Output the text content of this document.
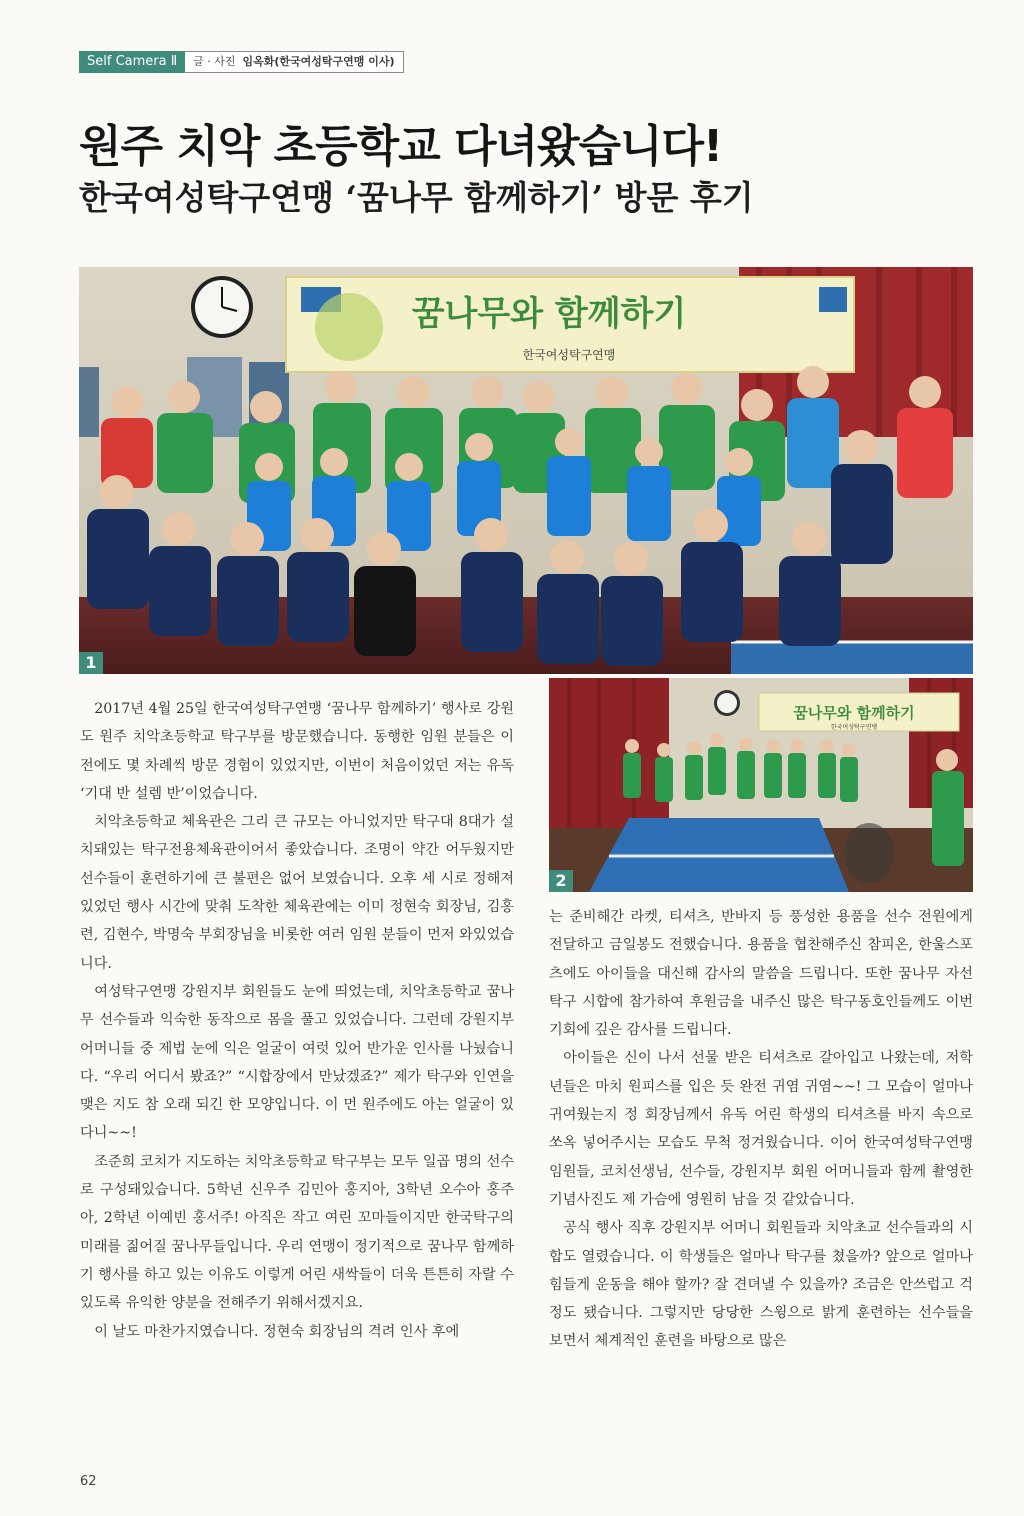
Self Camera Ⅱ	글 · 사진 임옥화(한국여성탁구연맹 이사)
원주 치악 초등학교 다녀왔습니다!
한국여성탁구연맹 ‘꿈나무 함께하기’ 방문 후기
꿈나무와 함께하기
한국여성탁구연맹
1
꿈나무와 함께하기
한국여성탁구연맹
2

2017년 4월 25일 한국여성탁구연맹 ‘꿈나무 함께하기’ 행사로 강원도 원주 치악초등학교 탁구부를 방문했습니다. 동행한 임원 분들은 이전에도 몇 차례씩 방문 경험이 있었지만, 이번이 처음이었던 저는 유독 ‘기대 반 설렘 반’이었습니다.

치악초등학교 체육관은 그리 큰 규모는 아니었지만 탁구대 8대가 설치돼있는 탁구전용체육관이어서 좋았습니다. 조명이 약간 어두웠지만 선수들이 훈련하기에 큰 불편은 없어 보였습니다. 오후 세 시로 정해져 있었던 행사 시간에 맞춰 도착한 체육관에는 이미 정현숙 회장님, 김홍련, 김현수, 박명숙 부회장님을 비롯한 여러 임원 분들이 먼저 와있었습니다.

여성탁구연맹 강원지부 회원들도 눈에 띄었는데, 치악초등학교 꿈나무 선수들과 익숙한 동작으로 몸을 풀고 있었습니다. 그런데 강원지부 어머니들 중 제법 눈에 익은 얼굴이 여럿 있어 반가운 인사를 나눴습니다. “우리 어디서 봤죠?” “시합장에서 만났겠죠?” 제가 탁구와 인연을 맺은 지도 참 오래 되긴 한 모양입니다. 이 먼 원주에도 아는 얼굴이 있다니~~!

조준희 코치가 지도하는 치악초등학교 탁구부는 모두 일곱 명의 선수로 구성돼있습니다. 5학년 신우주 김민아 홍지아, 3학년 오수아 홍주아, 2학년 이예빈 홍서주! 아직은 작고 여린 꼬마들이지만 한국탁구의 미래를 짊어질 꿈나무들입니다. 우리 연맹이 정기적으로 꿈나무 함께하기 행사를 하고 있는 이유도 이렇게 어린 새싹들이 더욱 튼튼히 자랄 수 있도록 유익한 양분을 전해주기 위해서겠지요.

이 날도 마찬가지였습니다. 정현숙 회장님의 격려 인사 후에

는 준비해간 라켓, 티셔츠, 반바지 등 풍성한 용품을 선수 전원에게 전달하고 금일봉도 전했습니다. 용품을 협찬해주신 참피온, 한울스포츠에도 아이들을 대신해 감사의 말씀을 드립니다. 또한 꿈나무 자선 탁구 시합에 참가하여 후원금을 내주신 많은 탁구동호인들께도 이번 기회에 깊은 감사를 드립니다.

아이들은 신이 나서 선물 받은 티셔츠로 갈아입고 나왔는데, 저학년들은 마치 원피스를 입은 듯 완전 귀염 귀염~~! 그 모습이 얼마나 귀여웠는지 정 회장님께서 유독 어린 학생의 티셔츠를 바지 속으로 쏘옥 넣어주시는 모습도 무척 정겨웠습니다. 이어 한국여성탁구연맹 임원들, 코치선생님, 선수들, 강원지부 회원 어머니들과 함께 촬영한 기념사진도 제 가슴에 영원히 남을 것 같았습니다.

공식 행사 직후 강원지부 어머니 회원들과 치악초교 선수들과의 시합도 열렸습니다. 이 학생들은 얼마나 탁구를 쳤을까? 앞으로 얼마나 힘들게 운동을 해야 할까? 잘 견뎌낼 수 있을까? 조금은 안쓰럽고 걱정도 됐습니다. 그렇지만 당당한 스윙으로 밝게 훈련하는 선수들을 보면서 체계적인 훈련을 바탕으로 많은

62
